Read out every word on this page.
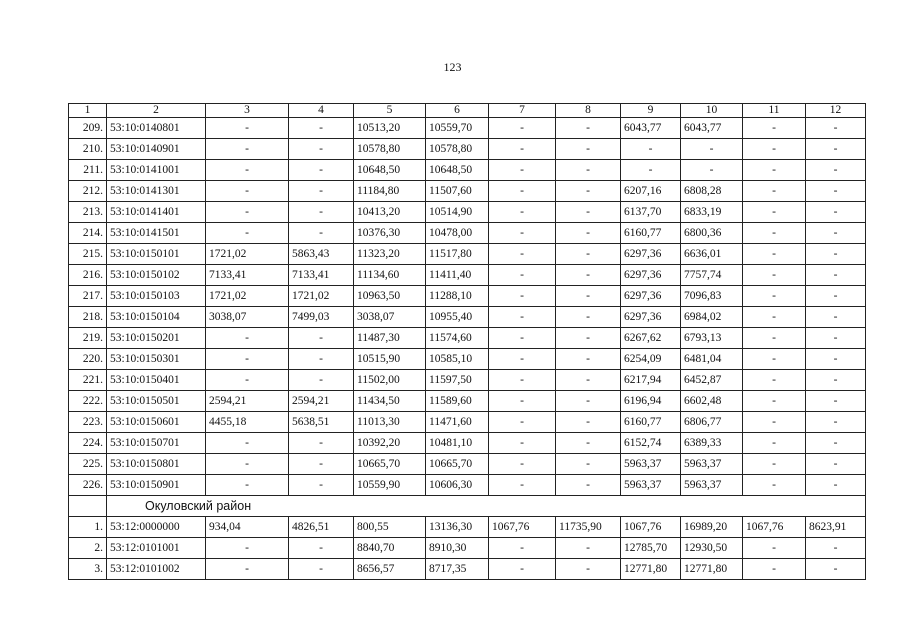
123
1	2	3	4	5	6	7	8	9	10	11	12
209.	53:10:0140801	-	-	10513,20	10559,70	-	-	6043,77	6043,77	-	-
210.	53:10:0140901	-	-	10578,80	10578,80	-	-	-	-	-	-
211.	53:10:0141001	-	-	10648,50	10648,50	-	-	-	-	-	-
212.	53:10:0141301	-	-	11184,80	11507,60	-	-	6207,16	6808,28	-	-
213.	53:10:0141401	-	-	10413,20	10514,90	-	-	6137,70	6833,19	-	-
214.	53:10:0141501	-	-	10376,30	10478,00	-	-	6160,77	6800,36	-	-
215.	53:10:0150101	1721,02	5863,43	11323,20	11517,80	-	-	6297,36	6636,01	-	-
216.	53:10:0150102	7133,41	7133,41	11134,60	11411,40	-	-	6297,36	7757,74	-	-
217.	53:10:0150103	1721,02	1721,02	10963,50	11288,10	-	-	6297,36	7096,83	-	-
218.	53:10:0150104	3038,07	7499,03	3038,07	10955,40	-	-	6297,36	6984,02	-	-
219.	53:10:0150201	-	-	11487,30	11574,60	-	-	6267,62	6793,13	-	-
220.	53:10:0150301	-	-	10515,90	10585,10	-	-	6254,09	6481,04	-	-
221.	53:10:0150401	-	-	11502,00	11597,50	-	-	6217,94	6452,87	-	-
222.	53:10:0150501	2594,21	2594,21	11434,50	11589,60	-	-	6196,94	6602,48	-	-
223.	53:10:0150601	4455,18	5638,51	11013,30	11471,60	-	-	6160,77	6806,77	-	-
224.	53:10:0150701	-	-	10392,20	10481,10	-	-	6152,74	6389,33	-	-
225.	53:10:0150801	-	-	10665,70	10665,70	-	-	5963,37	5963,37	-	-
226.	53:10:0150901	-	-	10559,90	10606,30	-	-	5963,37	5963,37	-	-
	Окуловский район										
1.	53:12:0000000	934,04	4826,51	800,55	13136,30	1067,76	11735,90	1067,76	16989,20	1067,76	8623,91
2.	53:12:0101001	-	-	8840,70	8910,30	-	-	12785,70	12930,50	-	-
3.	53:12:0101002	-	-	8656,57	8717,35	-	-	12771,80	12771,80	-	-
